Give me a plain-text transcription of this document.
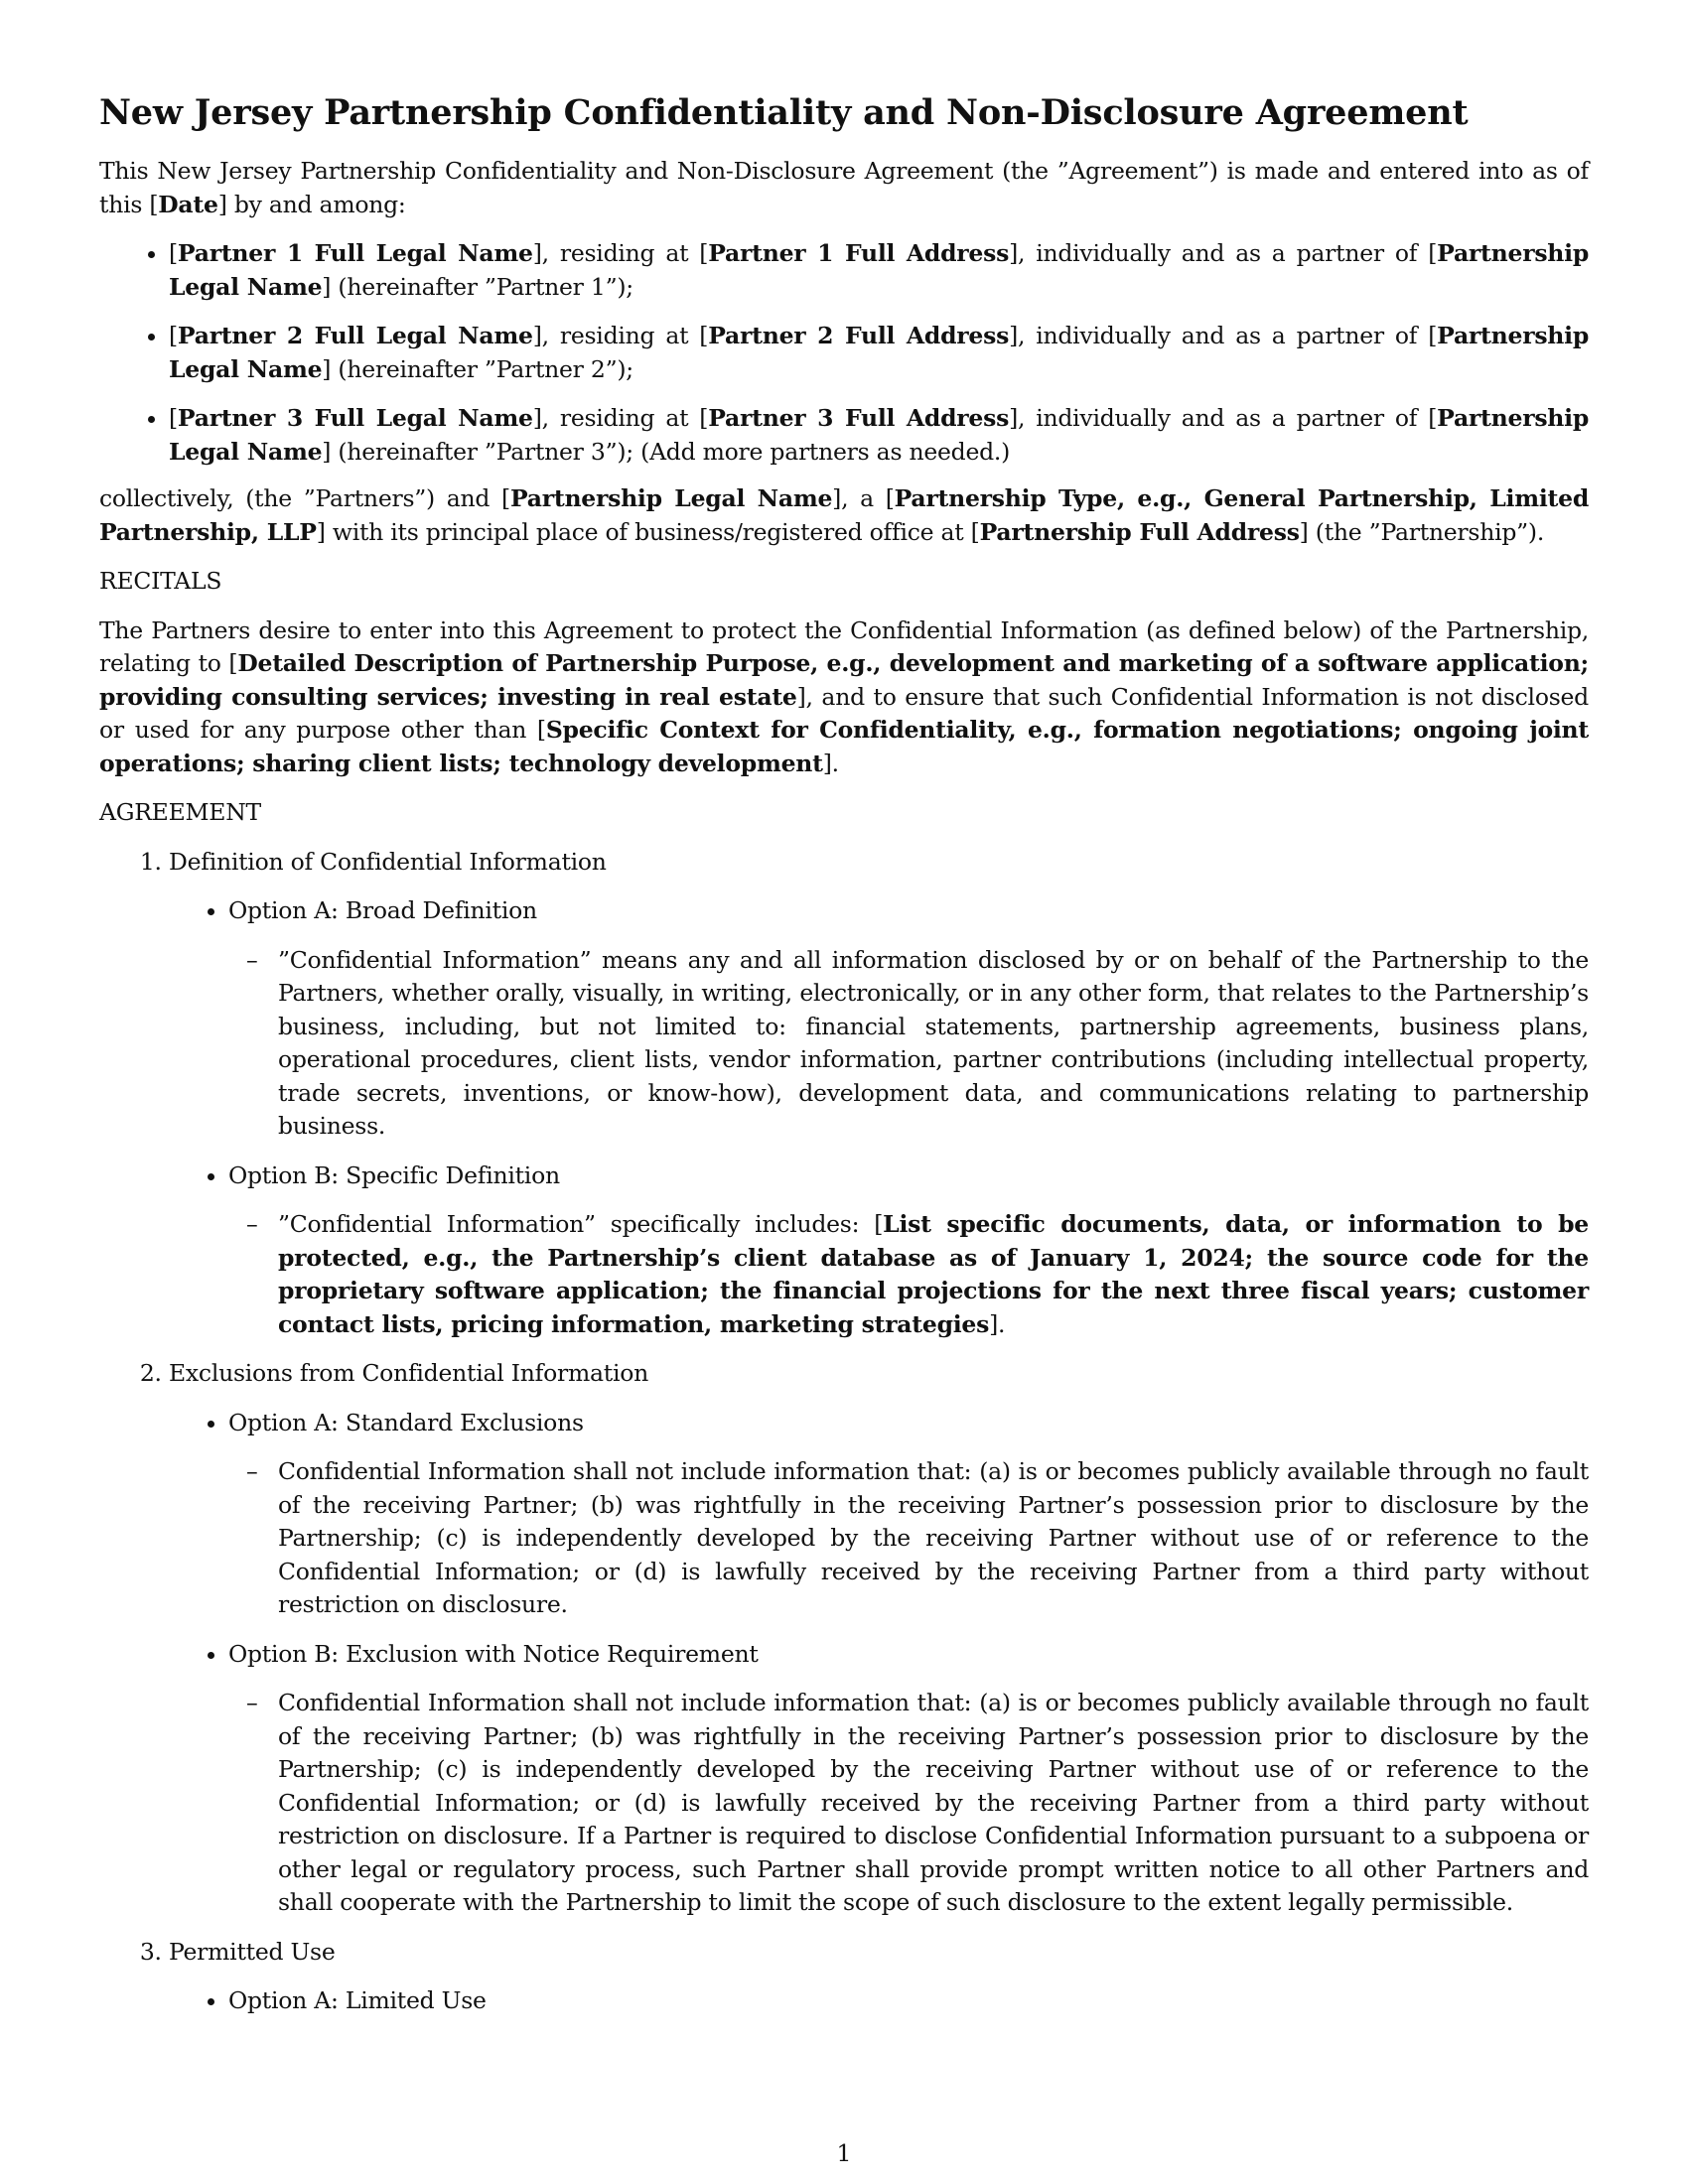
New Jersey Partnership Confidentiality and Non-Disclosure Agreement

This New Jersey Partnership Confidentiality and Non-Disclosure Agreement (the ”Agreement”) is made and entered into as of this [Date] by and among:

• [Partner 1 Full Legal Name], residing at [Partner 1 Full Address], individually and as a partner of [Partnership Legal Name] (hereinafter ”Partner 1”);
• [Partner 2 Full Legal Name], residing at [Partner 2 Full Address], individually and as a partner of [Partnership Legal Name] (hereinafter ”Partner 2”);
• [Partner 3 Full Legal Name], residing at [Partner 3 Full Address], individually and as a partner of [Partnership Legal Name] (hereinafter ”Partner 3”); (Add more partners as needed.)

collectively, (the ”Partners”) and [Partnership Legal Name], a [Partnership Type, e.g., General Partnership, Limited Partnership, LLP] with its principal place of business/registered office at [Partnership Full Address] (the ”Partnership”).

RECITALS

The Partners desire to enter into this Agreement to protect the Confidential Information (as defined below) of the Partnership, relating to [Detailed Description of Partnership Purpose, e.g., development and marketing of a software application; providing consulting services; investing in real estate], and to ensure that such Confidential Information is not disclosed or used for any purpose other than [Specific Context for Confidentiality, e.g., formation negotiations; ongoing joint operations; sharing client lists; technology development].

AGREEMENT
1. Definition of Confidential Information
• Option A: Broad Definition
– ”Confidential Information” means any and all information disclosed by or on behalf of the Partnership to the Partners, whether orally, visually, in writing, electronically, or in any other form, that relates to the Partnership’s business, including, but not limited to: financial statements, partnership agreements, business plans, operational procedures, client lists, vendor information, partner contributions (including intellectual property, trade secrets, inventions, or know-how), development data, and communications relating to partnership business.
• Option B: Specific Definition
– ”Confidential Information” specifically includes: [List specific documents, data, or information to be protected, e.g., the Partnership’s client database as of January 1, 2024; the source code for the proprietary software application; the financial projections for the next three fiscal years; customer contact lists, pricing information, marketing strategies].
2. Exclusions from Confidential Information
• Option A: Standard Exclusions
– Confidential Information shall not include information that: (a) is or becomes publicly available through no fault of the receiving Partner; (b) was rightfully in the receiving Partner’s possession prior to disclosure by the Partnership; (c) is independently developed by the receiving Partner without use of or reference to the Confidential Information; or (d) is lawfully received by the receiving Partner from a third party without restriction on disclosure.
• Option B: Exclusion with Notice Requirement
– Confidential Information shall not include information that: (a) is or becomes publicly available through no fault of the receiving Partner; (b) was rightfully in the receiving Partner’s possession prior to disclosure by the Partnership; (c) is independently developed by the receiving Partner without use of or reference to the Confidential Information; or (d) is lawfully received by the receiving Partner from a third party without restriction on disclosure. If a Partner is required to disclose Confidential Information pursuant to a subpoena or other legal or regulatory process, such Partner shall provide prompt written notice to all other Partners and shall cooperate with the Partnership to limit the scope of such disclosure to the extent legally permissible.
3. Permitted Use
• Option A: Limited Use
1
